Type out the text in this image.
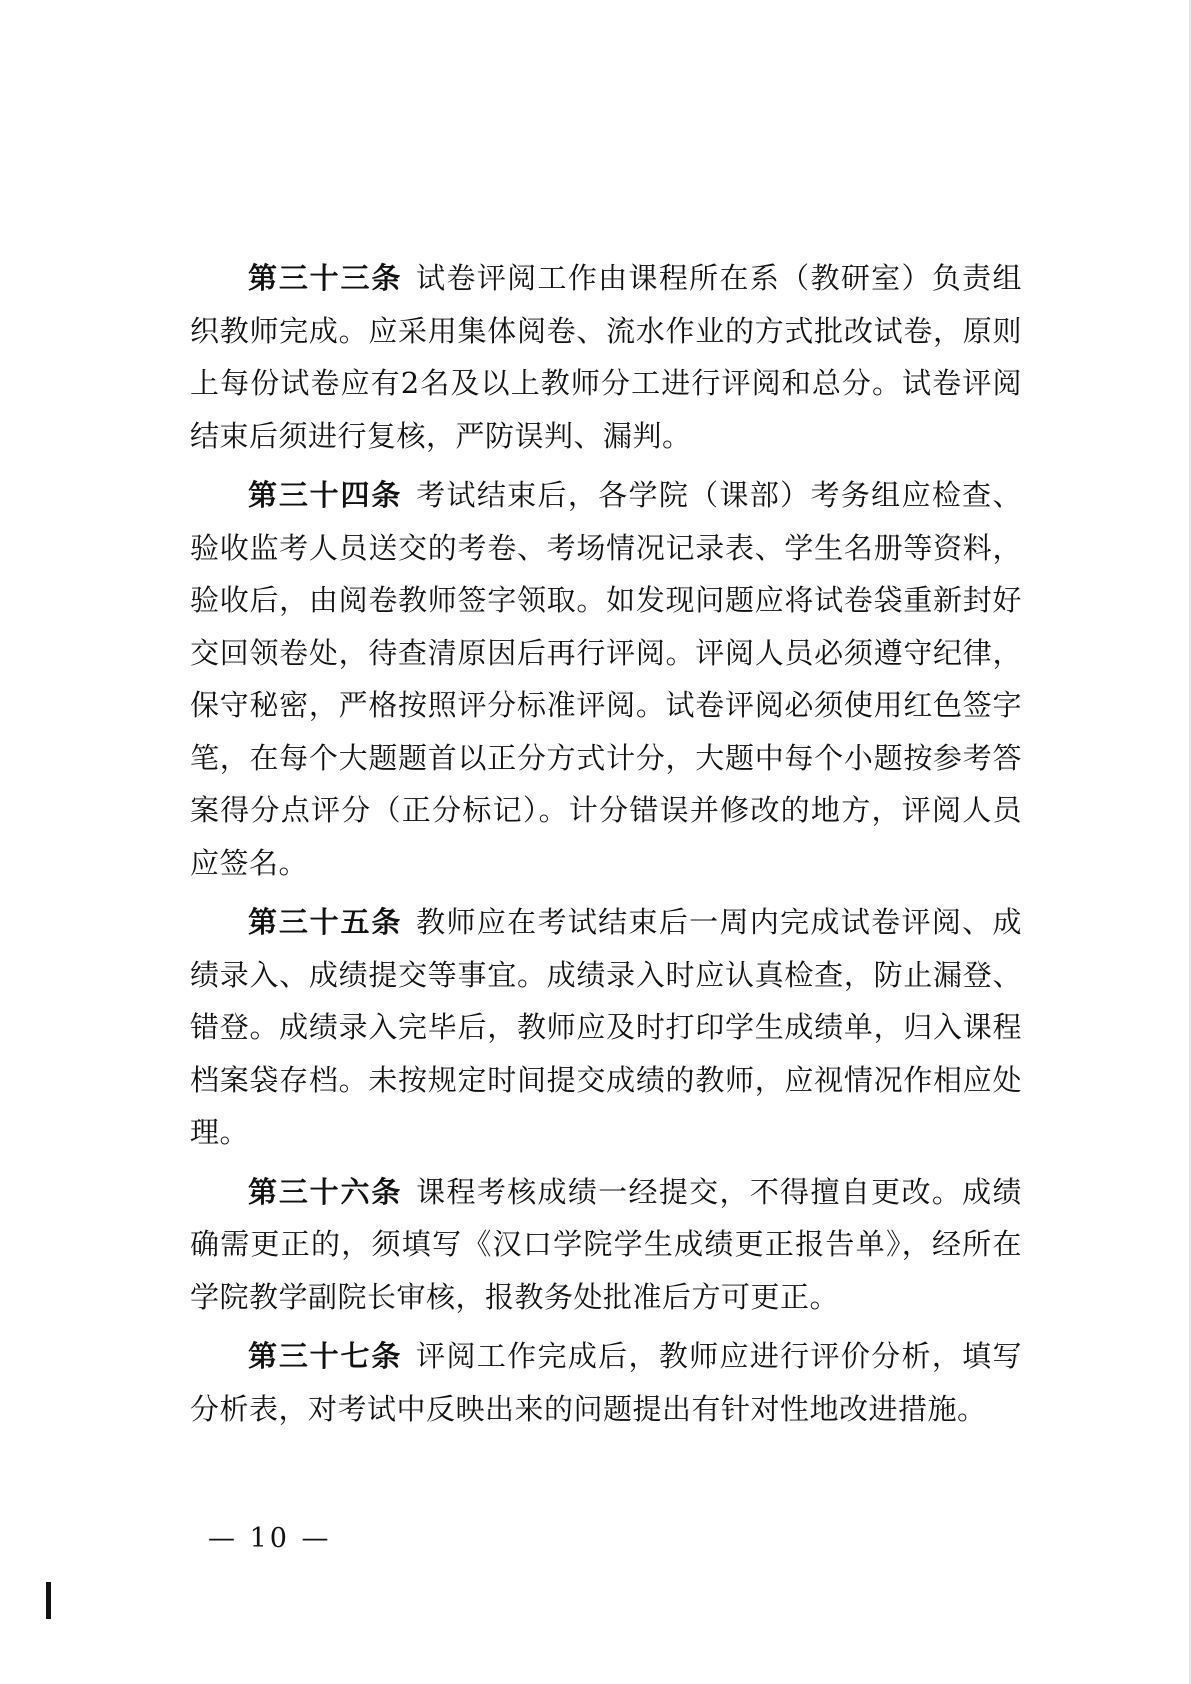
第三十三条 试卷评阅工作由课程所在系（教研室）负责组织教师完成。应采用集体阅卷、流水作业的方式批改试卷，原则上每份试卷应有2名及以上教师分工进行评阅和总分。试卷评阅结束后须进行复核，严防误判、漏判。

第三十四条 考试结束后，各学院（课部）考务组应检查、验收监考人员送交的考卷、考场情况记录表、学生名册等资料，验收后，由阅卷教师签字领取。如发现问题应将试卷袋重新封好交回领卷处，待查清原因后再行评阅。评阅人员必须遵守纪律，保守秘密，严格按照评分标准评阅。试卷评阅必须使用红色签字笔，在每个大题题首以正分方式计分，大题中每个小题按参考答案得分点评分（正分标记）。计分错误并修改的地方，评阅人员应签名。

第三十五条 教师应在考试结束后一周内完成试卷评阅、成绩录入、成绩提交等事宜。成绩录入时应认真检查，防止漏登、错登。成绩录入完毕后，教师应及时打印学生成绩单，归入课程档案袋存档。未按规定时间提交成绩的教师，应视情况作相应处理。

第三十六条 课程考核成绩一经提交，不得擅自更改。成绩确需更正的，须填写《汉口学院学生成绩更正报告单》，经所在学院教学副院长审核，报教务处批准后方可更正。

第三十七条 评阅工作完成后，教师应进行评价分析，填写分析表，对考试中反映出来的问题提出有针对性地改进措施。

— 10 —
